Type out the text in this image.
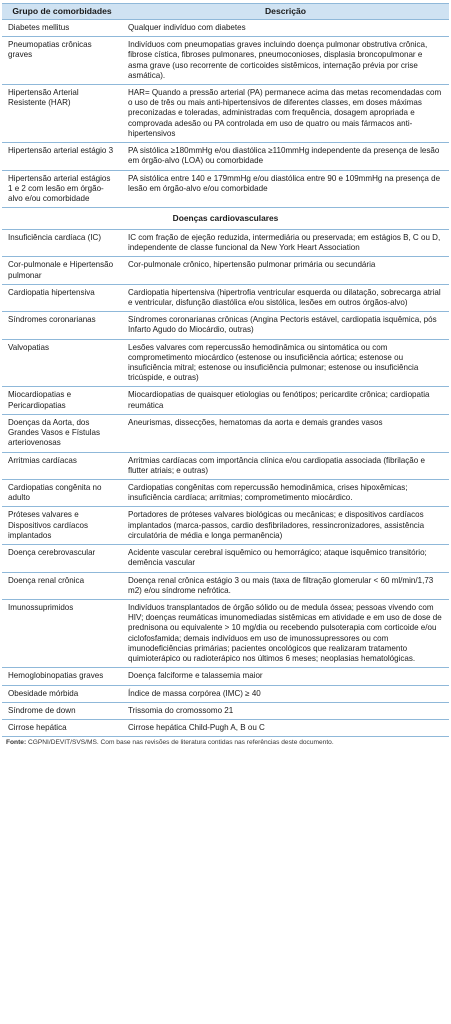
Grupo de comorbidades	Descrição
Diabetes mellitus	Qualquer indivíduo com diabetes
Pneumopatias crônicas graves	Indivíduos com pneumopatias graves incluindo doença pulmonar obstrutiva crônica, fibrose cística, fibroses pulmonares, pneumoconioses, displasia broncopulmonar e asma grave (uso recorrente de corticoides sistêmicos, internação prévia por crise asmática).
Hipertensão Arterial Resistente (HAR)	HAR= Quando a pressão arterial (PA) permanece acima das metas recomendadas com o uso de três ou mais anti-hipertensivos de diferentes classes, em doses máximas preconizadas e toleradas, administradas com frequência, dosagem apropriada e comprovada adesão ou PA controlada em uso de quatro ou mais fármacos anti-hipertensivos
Hipertensão arterial estágio 3	PA sistólica ≥180mmHg e/ou diastólica ≥110mmHg independente da presença de lesão em órgão-alvo (LOA) ou comorbidade
Hipertensão arterial estágios 1 e 2 com lesão em órgão-alvo e/ou comorbidade	PA sistólica entre 140 e 179mmHg e/ou diastólica entre 90 e 109mmHg na presença de lesão em órgão-alvo e/ou comorbidade
Doenças cardiovasculares	
Insuficiência cardíaca (IC)	IC com fração de ejeção reduzida, intermediária ou preservada; em estágios B, C ou D, independente de classe funcional da New York Heart Association
Cor-pulmonale e Hipertensão pulmonar	Cor-pulmonale crônico, hipertensão pulmonar primária ou secundária
Cardiopatia hipertensiva	Cardiopatia hipertensiva (hipertrofia ventricular esquerda ou dilatação, sobrecarga atrial e ventricular, disfunção diastólica e/ou sistólica, lesões em outros órgãos-alvo)
Síndromes coronarianas	Síndromes coronarianas crônicas (Angina Pectoris estável, cardiopatia isquêmica, pós Infarto Agudo do Miocárdio, outras)
Valvopatias	Lesões valvares com repercussão hemodinâmica ou sintomática ou com comprometimento miocárdico (estenose ou insuficiência aórtica; estenose ou insuficiência mitral; estenose ou insuficiência pulmonar; estenose ou insuficiência tricúspide, e outras)
Miocardiopatias e Pericardiopatias	Miocardiopatias de quaisquer etiologias ou fenótipos; pericardite crônica; cardiopatia reumática
Doenças da Aorta, dos Grandes Vasos e Fístulas arteriovenosas	Aneurismas, dissecções, hematomas da aorta e demais grandes vasos
Arritmias cardíacas	Arritmias cardíacas com importância clínica e/ou cardiopatia associada (fibrilação e flutter atriais; e outras)
Cardiopatias congênita no adulto	Cardiopatias congênitas com repercussão hemodinâmica, crises hipoxêmicas; insuficiência cardíaca; arritmias; comprometimento miocárdico.
Próteses valvares e Dispositivos cardíacos implantados	Portadores de próteses valvares biológicas ou mecânicas; e dispositivos cardíacos implantados (marca-passos, cardio desfibriladores, ressincronizadores, assistência circulatória de média e longa permanência)
Doença cerebrovascular	Acidente vascular cerebral isquêmico ou hemorrágico; ataque isquêmico transitório; demência vascular
Doença renal crônica	Doença renal crônica estágio 3 ou mais (taxa de filtração glomerular < 60 ml/min/1,73 m2) e/ou síndrome nefrótica.
Imunossuprimidos	Indivíduos transplantados de órgão sólido ou de medula óssea; pessoas vivendo com HIV; doenças reumáticas imunomediadas sistêmicas em atividade e em uso de dose de prednisona ou equivalente > 10 mg/dia ou recebendo pulsoterapia com corticoide e/ou ciclofosfamida; demais indivíduos em uso de imunossupressores ou com imunodeficiências primárias; pacientes oncológicos que realizaram tratamento quimioterápico ou radioterápico nos últimos 6 meses; neoplasias hematológicas.
Hemoglobinopatias graves	Doença falciforme e talassemia maior
Obesidade mórbida	Índice de massa corpórea (IMC) ≥ 40
Síndrome de down	Trissomia do cromossomo 21
Cirrose hepática	Cirrose hepática Child-Pugh A, B ou C
Fonte: CGPNI/DEVIT/SVS/MS. Com base nas revisões de literatura contidas nas referências deste documento.
